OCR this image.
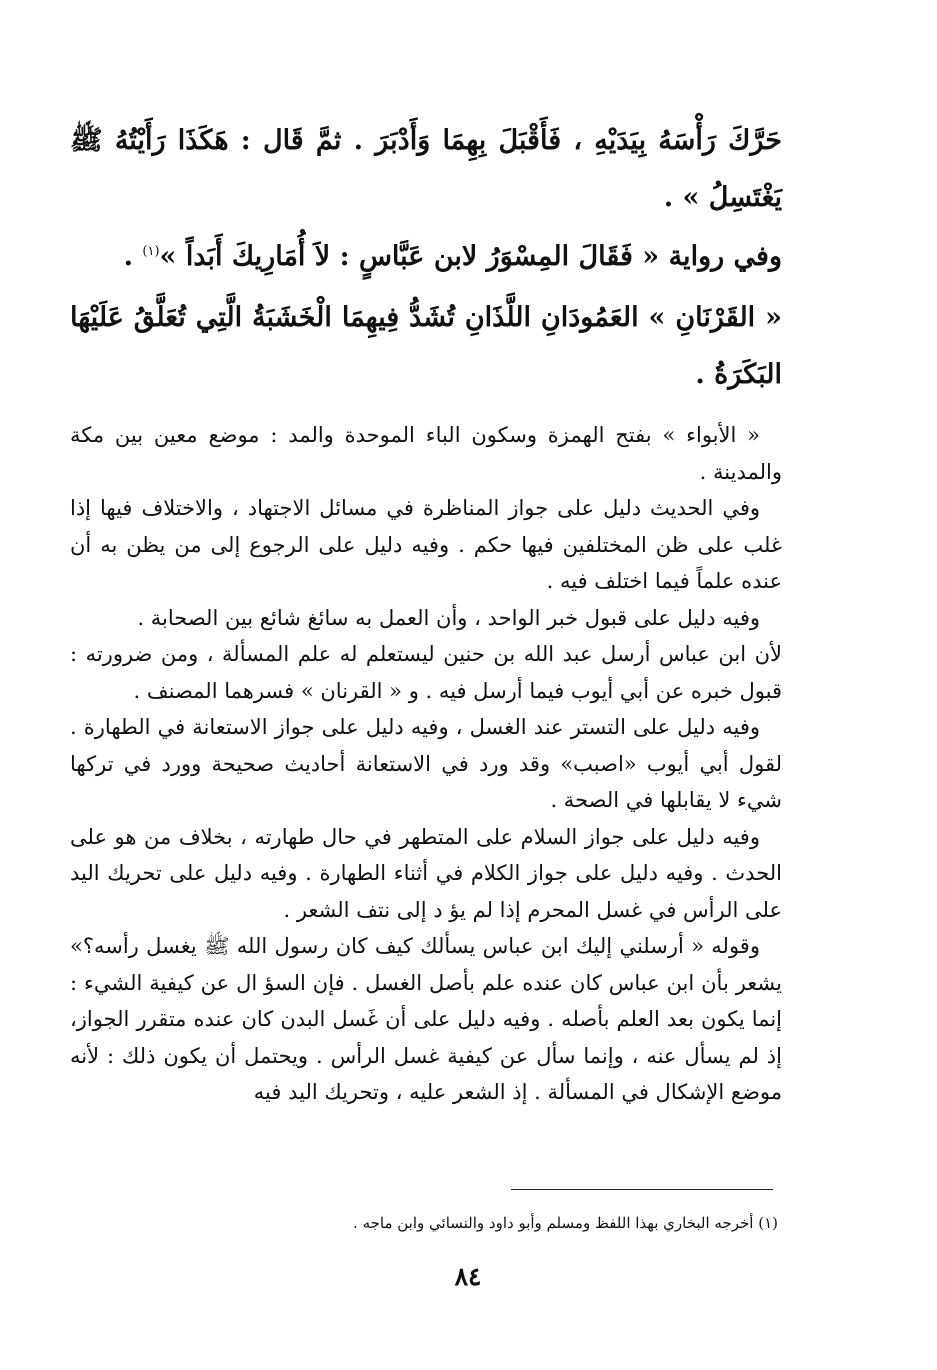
حَرَّكَ رَأْسَهُ بِيَدَيْهِ ، فَأَقْبَلَ بِهِمَا وَأَدْبَرَ . ثمَّ قَال : هَكَذَا رَأَيْتُهُ ﷺ يَغْتَسِلُ » .

وفي رواية « فَقَالَ المِسْوَرُ لابن عَبَّاسٍ : لاَ أُمَارِيكَ أَبَداً »$^{(١)}$ .

« القَرْنَانِ » العَمُودَانِ اللَّذَانِ تُشَدُّ فِيهِمَا الْخَشَبَةُ الَّتِي تُعَلَّقُ عَلَيْهَا البَكَرَةُ .

« الأبواء » بفتح الهمزة وسكون الباء الموحدة والمد : موضع معين بين مكة والمدينة .

وفي الحديث دليل على جواز المناظرة في مسائل الاجتهاد ، والاختلاف فيها إذا غلب على ظن المختلفين فيها حكم . وفيه دليل على الرجوع إلى من يظن به أن عنده علماً فيما اختلف فيه .

وفيه دليل على قبول خبر الواحد ، وأن العمل به سائغ شائع بين الصحابة .

لأن ابن عباس أرسل عبد الله بن حنين ليستعلم له علم المسألة ، ومن ضرورته : قبول خبره عن أبي أيوب فيما أرسل فيه . و « القرنان » فسرهما المصنف .

وفيه دليل على التستر عند الغسل ، وفيه دليل على جواز الاستعانة في الطهارة . لقول أبي أيوب «اصبب» وقد ورد في الاستعانة أحاديث صحيحة وورد في تركها شيء لا يقابلها في الصحة .

وفيه دليل على جواز السلام على المتطهر في حال طهارته ، بخلاف من هو على الحدث . وفيه دليل على جواز الكلام في أثناء الطهارة . وفيه دليل على تحريك اليد على الرأس في غسل المحرم إذا لم يؤ د إلى نتف الشعر .

وقوله « أرسلني إليك ابن عباس يسألك كيف كان رسول الله ﷺ يغسل رأسه؟» يشعر بأن ابن عباس كان عنده علم بأصل الغسل . فإن السؤ ال عن كيفية الشيء : إنما يكون بعد العلم بأصله . وفيه دليل على أن غَسل البدن كان عنده متقرر الجواز، إذ لم يسأل عنه ، وإنما سأل عن كيفية غسل الرأس . ويحتمل أن يكون ذلك : لأنه موضع الإشكال في المسألة . إذ الشعر عليه ، وتحريك اليد فيه

(١) أخرجه البخاري بهذا اللفظ ومسلم وأبو داود والنسائي وابن ماجه .
٨٤
